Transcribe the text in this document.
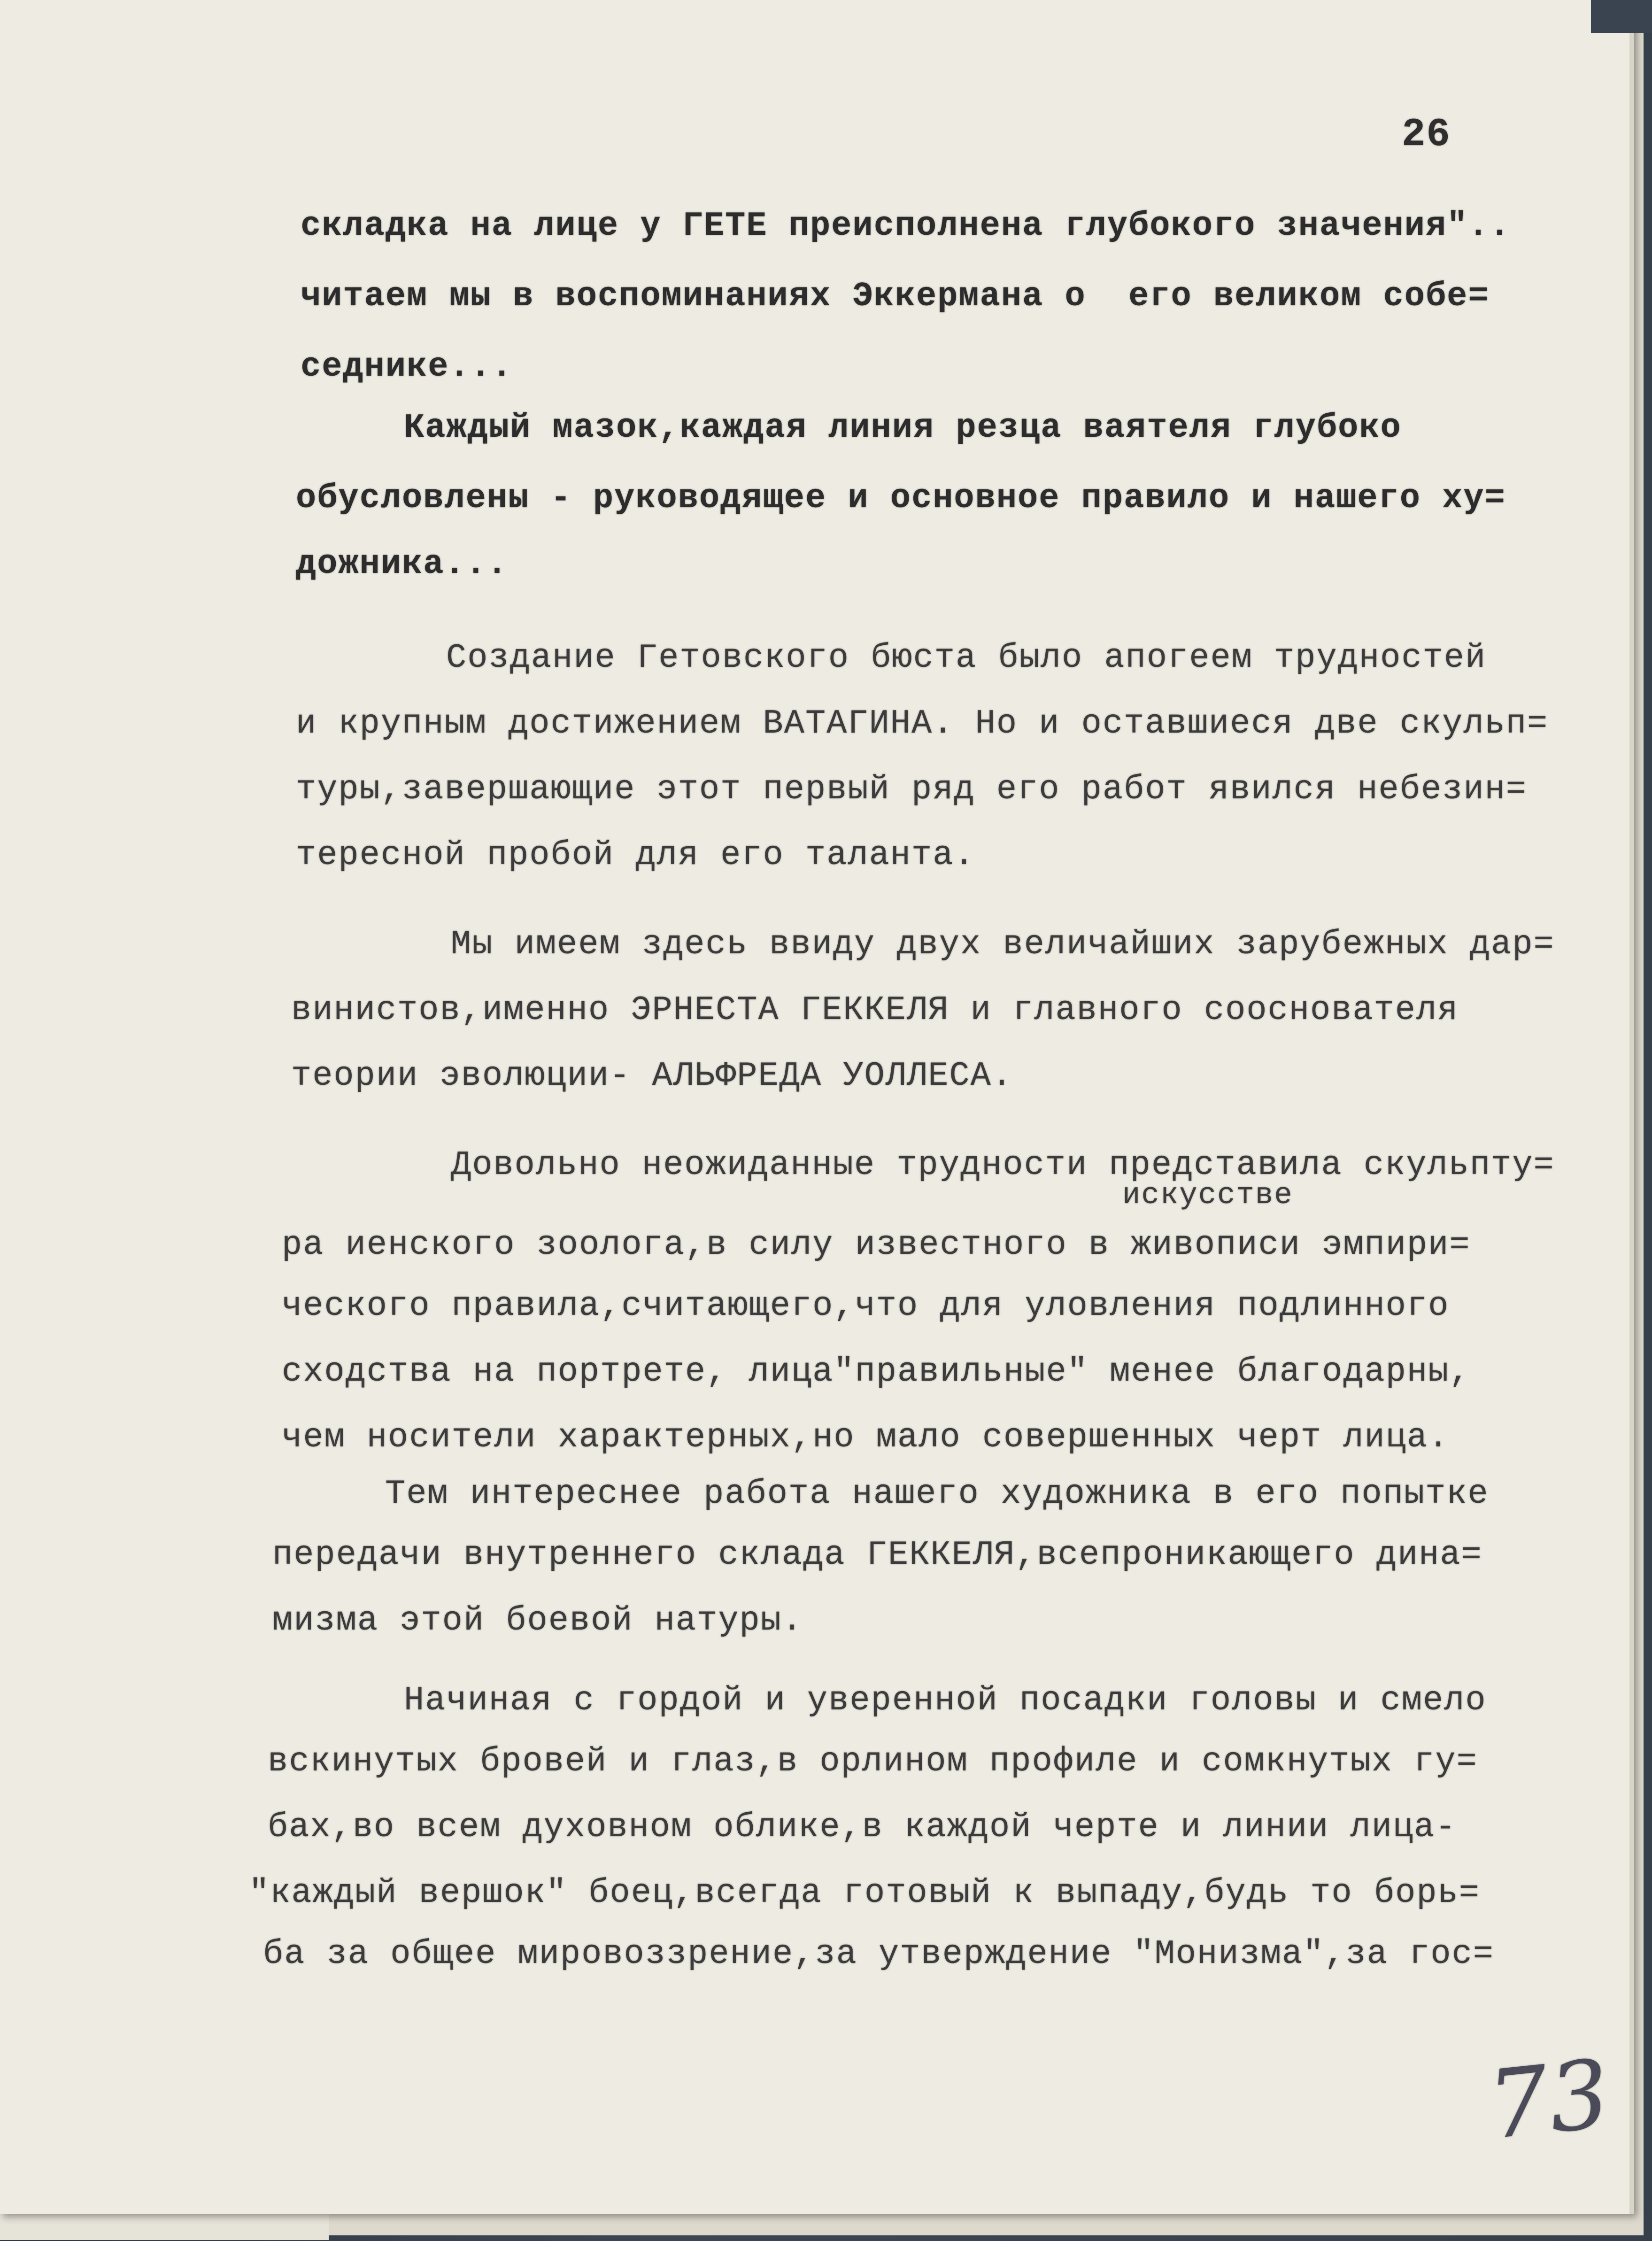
26
складка на лице у ГЕТЕ преисполнена глубокого значения"..
читаем мы в воспоминаниях Эккермана о  его великом собе=
седнике...
Каждый мазок,каждая линия резца ваятеля глубоко
обусловлены - руководящее и основное правило и нашего ху=
дожника...
Создание Гетовского бюста было апогеем трудностей
и крупным достижением ВАТАГИНА. Но и оставшиеся две скульп=
туры,завершающие этот первый ряд его работ явился небезин=
тересной пробой для его таланта.
Мы имеем здесь ввиду двух величайших зарубежных дар=
винистов,именно ЭРНЕСТА ГЕККЕЛЯ и главного сооснователя
теории эволюции- АЛЬФРЕДА УОЛЛЕСА.
Довольно неожиданные трудности представила скульпту=
искусстве
ра иенского зоолога,в силу известного в живописи эмпири=
ческого правила,считающего,что для уловления подлинного
сходства на портрете, лица"правильные" менее благодарны,
чем носители характерных,но мало совершенных черт лица.
Тем интереснее работа нашего художника в его попытке
передачи внутреннего склада ГЕККЕЛЯ,всепроникающего дина=
мизма этой боевой натуры.
Начиная с гордой и уверенной посадки головы и смело
вскинутых бровей и глаз,в орлином профиле и сомкнутых гу=
бах,во всем духовном облике,в каждой черте и линии лица-
"каждый вершок" боец,всегда готовый к выпаду,будь то борь=
ба за общее мировоззрение,за утверждение "Монизма",за гос=
73
